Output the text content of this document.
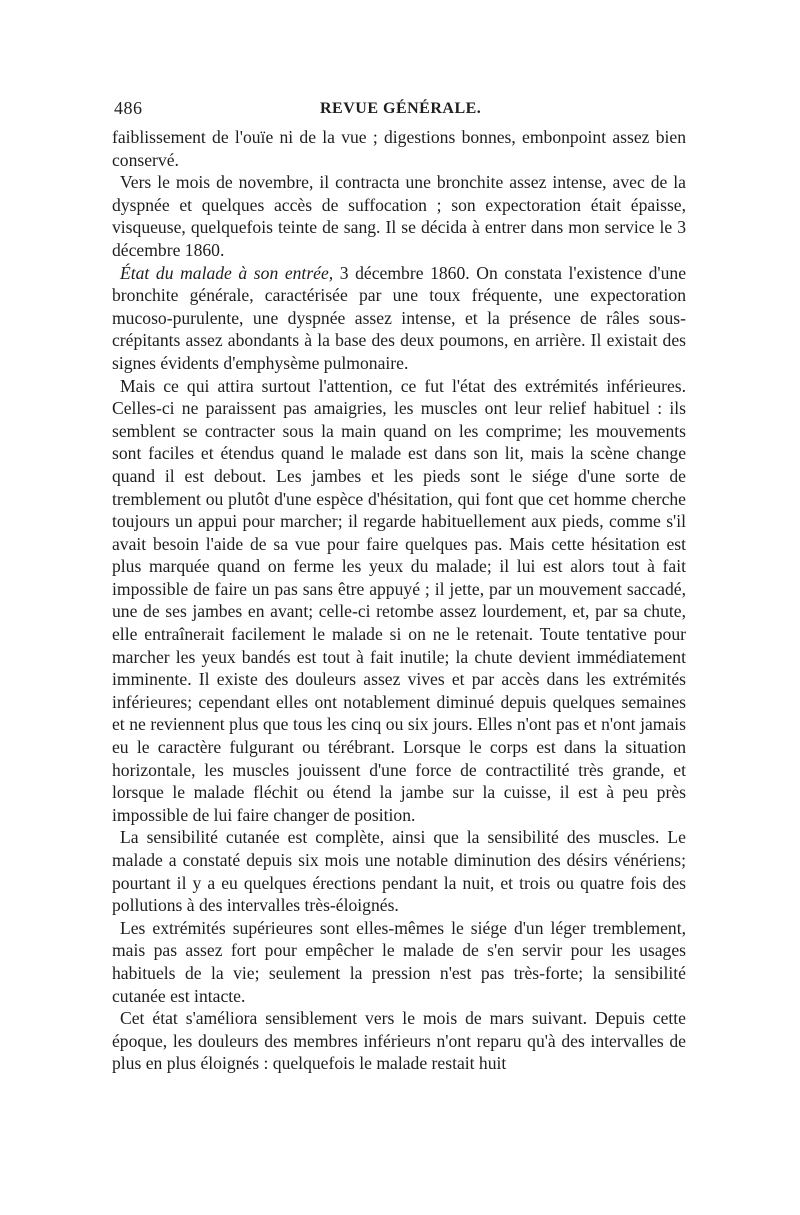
486	REVUE GÉNÉRALE.

faiblissement de l'ouïe ni de la vue ; digestions bonnes, embonpoint assez bien conservé.

Vers le mois de novembre, il contracta une bronchite assez intense, avec de la dyspnée et quelques accès de suffocation ; son expectoration était épaisse, visqueuse, quelquefois teinte de sang. Il se décida à entrer dans mon service le 3 décembre 1860.

État du malade à son entrée, 3 décembre 1860. On constata l'existence d'une bronchite générale, caractérisée par une toux fréquente, une expectoration mucoso-purulente, une dyspnée assez intense, et la présence de râles sous-crépitants assez abondants à la base des deux poumons, en arrière. Il existait des signes évidents d'emphysème pulmonaire.

Mais ce qui attira surtout l'attention, ce fut l'état des extrémités inférieures. Celles-ci ne paraissent pas amaigries, les muscles ont leur relief habituel : ils semblent se contracter sous la main quand on les comprime; les mouvements sont faciles et étendus quand le malade est dans son lit, mais la scène change quand il est debout. Les jambes et les pieds sont le siége d'une sorte de tremblement ou plutôt d'une espèce d'hésitation, qui font que cet homme cherche toujours un appui pour marcher; il regarde habituellement aux pieds, comme s'il avait besoin l'aide de sa vue pour faire quelques pas. Mais cette hésitation est plus marquée quand on ferme les yeux du malade; il lui est alors tout à fait impossible de faire un pas sans être appuyé ; il jette, par un mouvement saccadé, une de ses jambes en avant; celle-ci retombe assez lourdement, et, par sa chute, elle entraînerait facilement le malade si on ne le retenait. Toute tentative pour marcher les yeux bandés est tout à fait inutile; la chute devient immédiatement imminente. Il existe des douleurs assez vives et par accès dans les extrémités inférieures; cependant elles ont notablement diminué depuis quelques semaines et ne reviennent plus que tous les cinq ou six jours. Elles n'ont pas et n'ont jamais eu le caractère fulgurant ou térébrant. Lorsque le corps est dans la situation horizontale, les muscles jouissent d'une force de contractilité très grande, et lorsque le malade fléchit ou étend la jambe sur la cuisse, il est à peu près impossible de lui faire changer de position.

La sensibilité cutanée est complète, ainsi que la sensibilité des muscles. Le malade a constaté depuis six mois une notable diminution des désirs vénériens; pourtant il y a eu quelques érections pendant la nuit, et trois ou quatre fois des pollutions à des intervalles très-éloignés.

Les extrémités supérieures sont elles-mêmes le siége d'un léger tremblement, mais pas assez fort pour empêcher le malade de s'en servir pour les usages habituels de la vie; seulement la pression n'est pas très-forte; la sensibilité cutanée est intacte.

Cet état s'améliora sensiblement vers le mois de mars suivant. Depuis cette époque, les douleurs des membres inférieurs n'ont reparu qu'à des intervalles de plus en plus éloignés : quelquefois le malade restait huit
